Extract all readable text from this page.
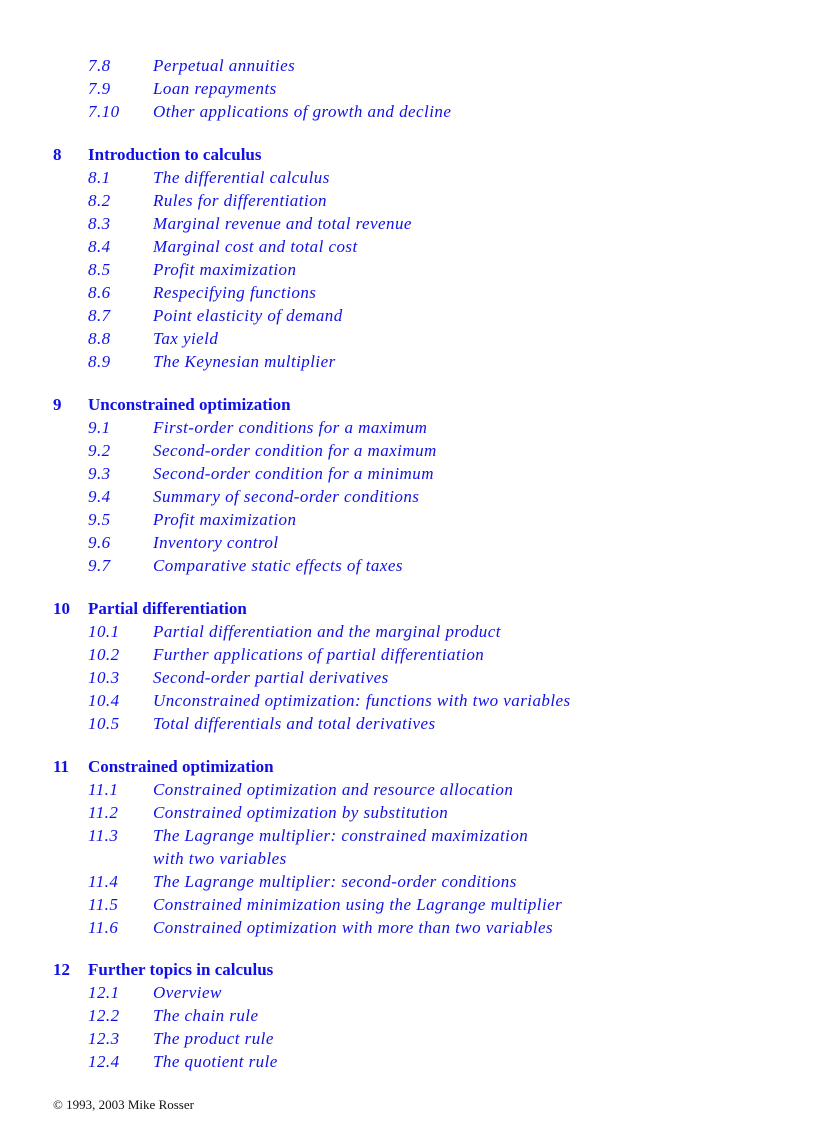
7.8 Perpetual annuities
7.9 Loan repayments
7.10 Other applications of growth and decline
8 Introduction to calculus
8.1 The differential calculus
8.2 Rules for differentiation
8.3 Marginal revenue and total revenue
8.4 Marginal cost and total cost
8.5 Profit maximization
8.6 Respecifying functions
8.7 Point elasticity of demand
8.8 Tax yield
8.9 The Keynesian multiplier
9 Unconstrained optimization
9.1 First-order conditions for a maximum
9.2 Second-order condition for a maximum
9.3 Second-order condition for a minimum
9.4 Summary of second-order conditions
9.5 Profit maximization
9.6 Inventory control
9.7 Comparative static effects of taxes
10 Partial differentiation
10.1 Partial differentiation and the marginal product
10.2 Further applications of partial differentiation
10.3 Second-order partial derivatives
10.4 Unconstrained optimization: functions with two variables
10.5 Total differentials and total derivatives
11 Constrained optimization
11.1 Constrained optimization and resource allocation
11.2 Constrained optimization by substitution
11.3 The Lagrange multiplier: constrained maximization
with two variables
11.4 The Lagrange multiplier: second-order conditions
11.5 Constrained minimization using the Lagrange multiplier
11.6 Constrained optimization with more than two variables
12 Further topics in calculus
12.1 Overview
12.2 The chain rule
12.3 The product rule
12.4 The quotient rule
© 1993, 2003 Mike Rosser
